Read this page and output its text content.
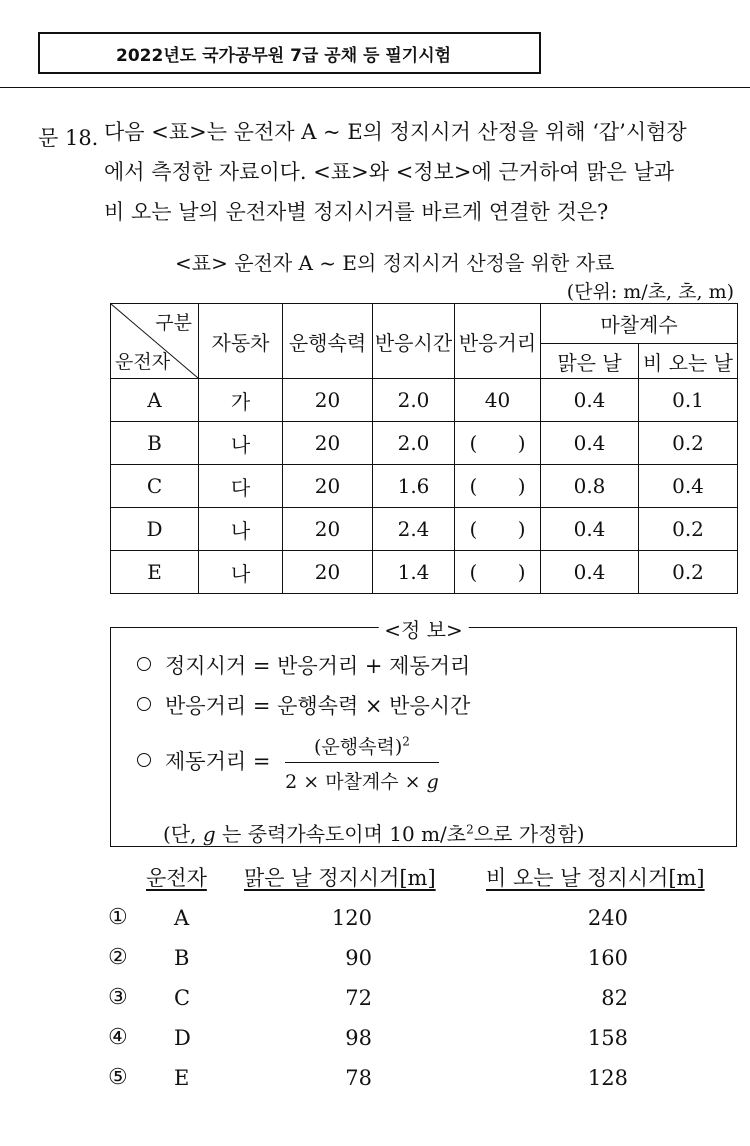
2022년도 국가공무원 7급 공채 등 필기시험
문 18. 다음 <표>는 운전자 A ~ E의 정지시거 산정을 위해 ‘갑’시험장
에서 측정한 자료이다. <표>와 <정보>에 근거하여 맑은 날과
비 오는 날의 운전자별 정지시거를 바르게 연결한 것은?
<표> 운전자 A ~ E의 정지시거 산정을 위한 자료
(단위: m/초, 초, m)
구분
운전자	자동차	운행속력	반응시간	반응거리	마찰계수	
					맑은 날	비 오는 날
A	가	20	2.0	40	0.4	0.1
B	나	20	2.0	( )	0.4	0.2
C	다	20	1.6	( )	0.8	0.4
D	나	20	2.4	( )	0.4	0.2
E	나	20	1.4	( )	0.4	0.2
<정 보>
정지시거 = 반응거리 + 제동거리
반응거리 = 운행속력 × 반응시간
제동거리 = $\frac{(운행속력)^2}{\text{2 × 마찰계수 × g}}$
(단, g 는 중력가속도이며 10 m/초$^2$으로 가정함)
운전자 맑은 날 정지시거[m] 비 오는 날 정지시거[m]
① A	120	240
② B	90	160
③ C	72	82
④ D	98	158
⑤ E	78	128
